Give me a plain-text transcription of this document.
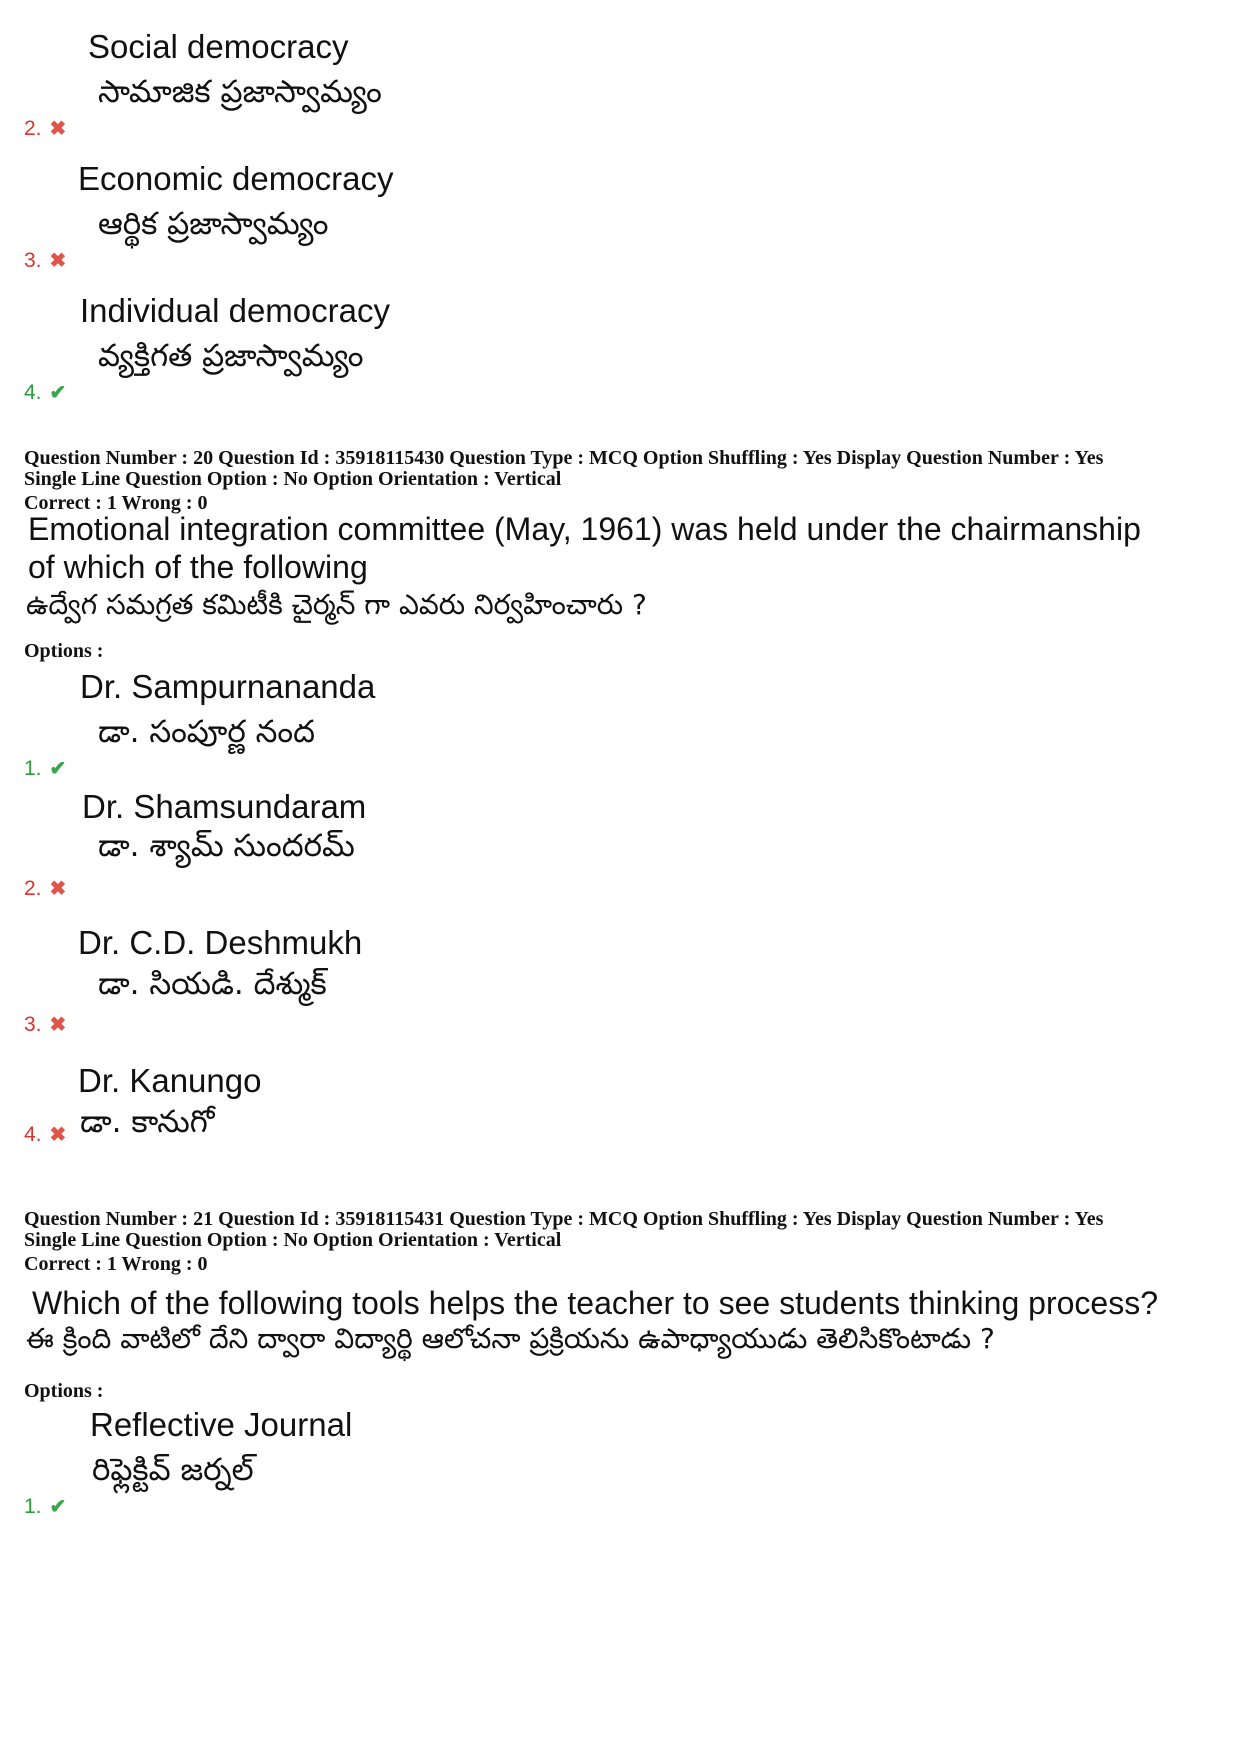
Social democracy
సామాజిక ప్రజాస్వామ్యం
2. ✖
Economic democracy
ఆర్థిక ప్రజాస్వామ్యం
3. ✖
Individual democracy
వ్యక్తిగత ప్రజాస్వామ్యం
4. ✔
Question Number : 20 Question Id : 35918115430 Question Type : MCQ Option Shuffling : Yes Display Question Number : Yes
Single Line Question Option : No Option Orientation : Vertical
Correct : 1 Wrong : 0
Emotional integration committee (May, 1961) was held under the chairmanship
of which of the following
ఉద్వేగ సమగ్రత కమిటీకి చైర్మన్ గా ఎవరు నిర్వహించారు ?
Options :
Dr. Sampurnananda
డా. సంపూర్ణ నంద
1. ✔
Dr. Shamsundaram
డా. శ్యామ్ సుందరమ్
2. ✖
Dr. C.D. Deshmukh
డా. సియడి. దేశ్ముక్
3. ✖
Dr. Kanungo
డా. కానుగో
4. ✖
Question Number : 21 Question Id : 35918115431 Question Type : MCQ Option Shuffling : Yes Display Question Number : Yes
Single Line Question Option : No Option Orientation : Vertical
Correct : 1 Wrong : 0
Which of the following tools helps the teacher to see students thinking process?
ఈ క్రింది వాటిలో దేని ద్వారా విద్యార్థి ఆలోచనా ప్రక్రియను ఉపాధ్యాయుడు తెలిసికొంటాడు ?
Options :
Reflective Journal
రిఫ్లెక్టివ్ జర్నల్
1. ✔
